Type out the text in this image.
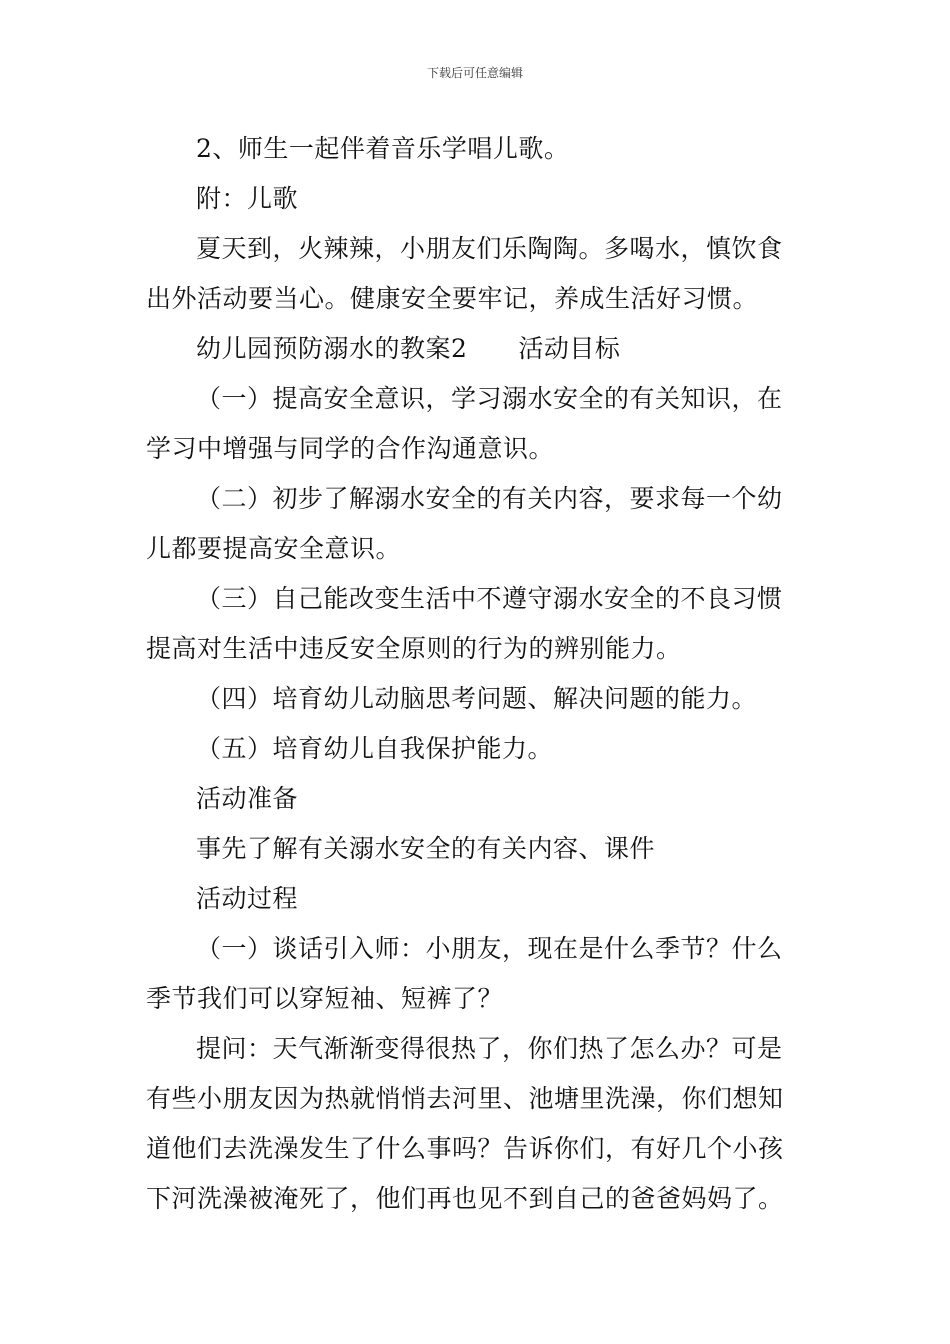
下载后可任意编辑
2、师生一起伴着音乐学唱儿歌。
附：儿歌
夏天到，火辣辣，小朋友们乐陶陶。多喝水，慎饮食
出外活动要当心。健康安全要牢记，养成生活好习惯。
幼儿园预防溺水的教案2　　活动目标
（一）提高安全意识，学习溺水安全的有关知识，在
学习中增强与同学的合作沟通意识。
（二）初步了解溺水安全的有关内容，要求每一个幼
儿都要提高安全意识。
（三）自己能改变生活中不遵守溺水安全的不良习惯
提高对生活中违反安全原则的行为的辨别能力。
（四）培育幼儿动脑思考问题、解决问题的能力。
（五）培育幼儿自我保护能力。
活动准备
事先了解有关溺水安全的有关内容、课件
活动过程
（一）谈话引入师：小朋友，现在是什么季节？什么
季节我们可以穿短袖、短裤了？
提问：天气渐渐变得很热了，你们热了怎么办？可是
有些小朋友因为热就悄悄去河里、池塘里洗澡，你们想知
道他们去洗澡发生了什么事吗？告诉你们，有好几个小孩
下河洗澡被淹死了，他们再也见不到自己的爸爸妈妈了。
